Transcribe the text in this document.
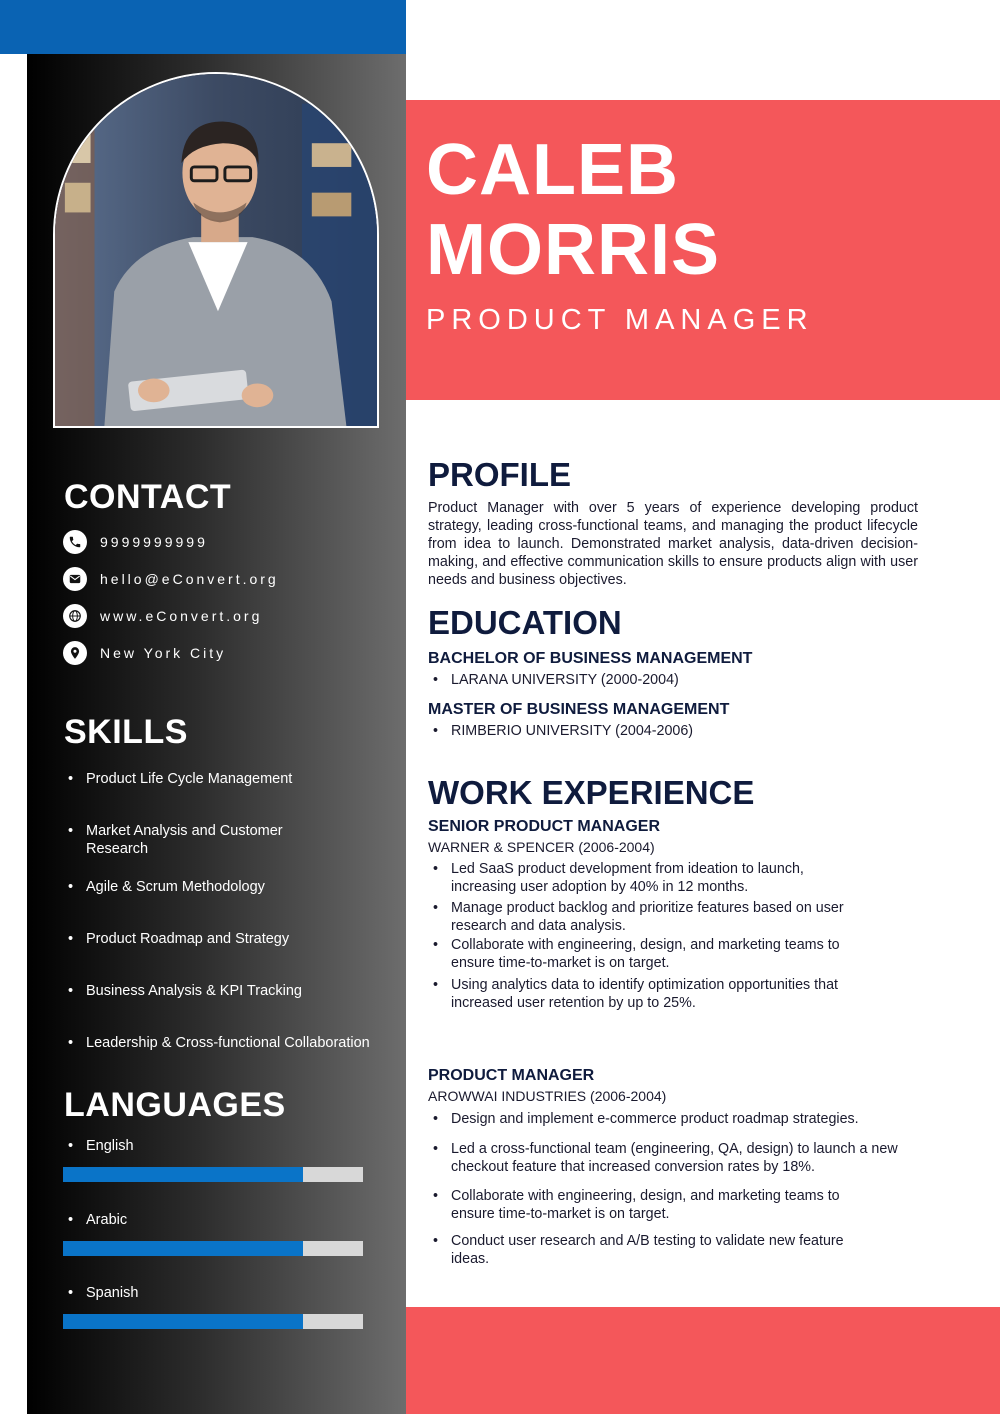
CALEB
MORRIS
PRODUCT MANAGER
CONTACT
9999999999
hello@eConvert.org
www.eConvert.org
New York City
SKILLS
• Product Life Cycle Management
• Market Analysis and Customer Research
• Agile & Scrum Methodology
• Product Roadmap and Strategy
• Business Analysis & KPI Tracking
• Leadership & Cross-functional Collaboration
LANGUAGES
• English
• Arabic
• Spanish
PROFILE
Product Manager with over 5 years of experience developing product strategy, leading cross-functional teams, and managing the product lifecycle from idea to launch. Demonstrated market analysis, data-driven decision-making, and effective communication skills to ensure products align with user needs and business objectives.
EDUCATION
BACHELOR OF BUSINESS MANAGEMENT
• LARANA UNIVERSITY (2000-2004)
MASTER OF BUSINESS MANAGEMENT
• RIMBERIO UNIVERSITY (2004-2006)
WORK EXPERIENCE
SENIOR PRODUCT MANAGER
WARNER & SPENCER (2006-2004)
• Led SaaS product development from ideation to launch, increasing user adoption by 40% in 12 months.
• Manage product backlog and prioritize features based on user research and data analysis.
• Collaborate with engineering, design, and marketing teams to ensure time-to-market is on target.
• Using analytics data to identify optimization opportunities that increased user retention by up to 25%.
PRODUCT MANAGER
AROWWAI INDUSTRIES (2006-2004)
• Design and implement e-commerce product roadmap strategies.
• Led a cross-functional team (engineering, QA, design) to launch a new checkout feature that increased conversion rates by 18%.
• Collaborate with engineering, design, and marketing teams to ensure time-to-market is on target.
• Conduct user research and A/B testing to validate new feature ideas.
